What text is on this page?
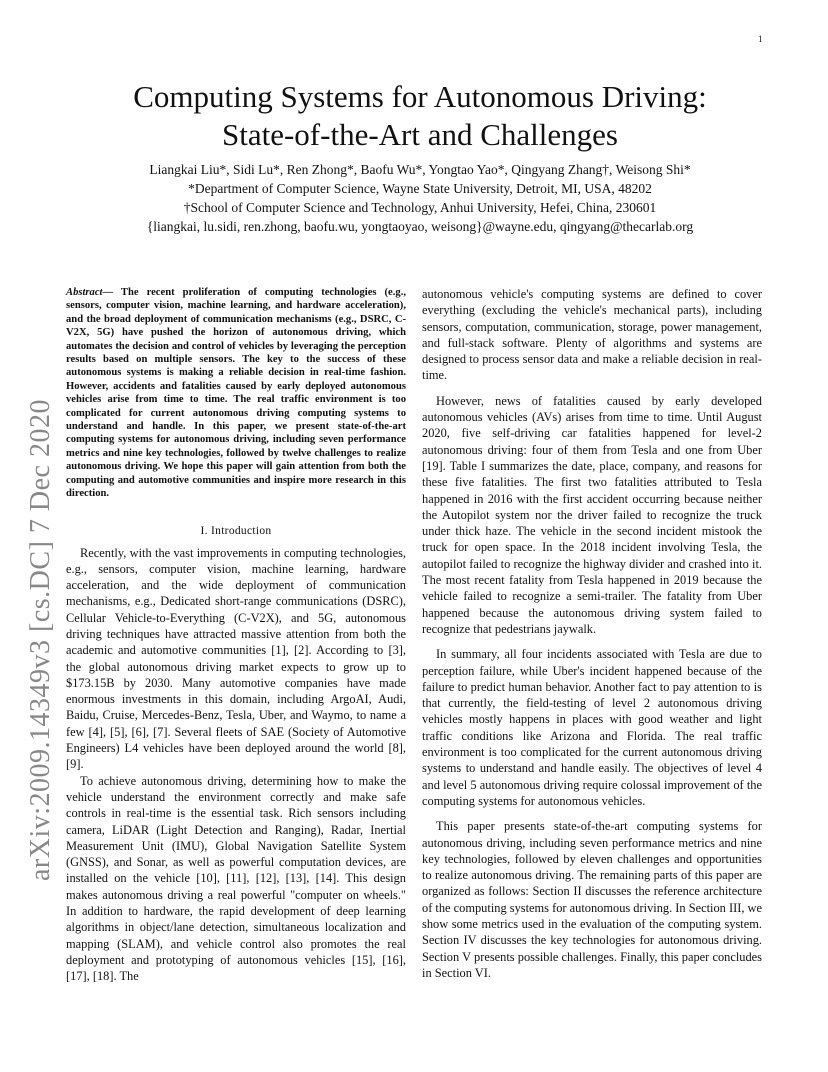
1
arXiv:2009.14349v3 [cs.DC] 7 Dec 2020
Computing Systems for Autonomous Driving:
State-of-the-Art and Challenges
Liangkai Liu*, Sidi Lu*, Ren Zhong*, Baofu Wu*, Yongtao Yao*, Qingyang Zhang†, Weisong Shi*
*Department of Computer Science, Wayne State University, Detroit, MI, USA, 48202
†School of Computer Science and Technology, Anhui University, Hefei, China, 230601
{liangkai, lu.sidi, ren.zhong, baofu.wu, yongtaoyao, weisong}@wayne.edu, qingyang@thecarlab.org
Abstract— The recent proliferation of computing technologies (e.g., sensors, computer vision, machine learning, and hardware acceleration), and the broad deployment of communication mechanisms (e.g., DSRC, C-V2X, 5G) have pushed the horizon of autonomous driving, which automates the decision and control of vehicles by leveraging the perception results based on multiple sensors. The key to the success of these autonomous systems is making a reliable decision in real-time fashion. However, accidents and fatalities caused by early deployed autonomous vehicles arise from time to time. The real traffic environment is too complicated for current autonomous driving computing systems to understand and handle. In this paper, we present state-of-the-art computing systems for autonomous driving, including seven performance metrics and nine key technologies, followed by twelve challenges to realize autonomous driving. We hope this paper will gain attention from both the computing and automotive communities and inspire more research in this direction.
I. Introduction

Recently, with the vast improvements in computing technologies, e.g., sensors, computer vision, machine learning, hardware acceleration, and the wide deployment of communication mechanisms, e.g., Dedicated short-range communications (DSRC), Cellular Vehicle-to-Everything (C-V2X), and 5G, autonomous driving techniques have attracted massive attention from both the academic and automotive communities [1], [2]. According to [3], the global autonomous driving market expects to grow up to $173.15B by 2030. Many automotive companies have made enormous investments in this domain, including ArgoAI, Audi, Baidu, Cruise, Mercedes-Benz, Tesla, Uber, and Waymo, to name a few [4], [5], [6], [7]. Several fleets of SAE (Society of Automotive Engineers) L4 vehicles have been deployed around the world [8], [9].

To achieve autonomous driving, determining how to make the vehicle understand the environment correctly and make safe controls in real-time is the essential task. Rich sensors including camera, LiDAR (Light Detection and Ranging), Radar, Inertial Measurement Unit (IMU), Global Navigation Satellite System (GNSS), and Sonar, as well as powerful computation devices, are installed on the vehicle [10], [11], [12], [13], [14]. This design makes autonomous driving a real powerful "computer on wheels." In addition to hardware, the rapid development of deep learning algorithms in object/lane detection, simultaneous localization and mapping (SLAM), and vehicle control also promotes the real deployment and prototyping of autonomous vehicles [15], [16], [17], [18]. The

autonomous vehicle's computing systems are defined to cover everything (excluding the vehicle's mechanical parts), including sensors, computation, communication, storage, power management, and full-stack software. Plenty of algorithms and systems are designed to process sensor data and make a reliable decision in real-time.

However, news of fatalities caused by early developed autonomous vehicles (AVs) arises from time to time. Until August 2020, five self-driving car fatalities happened for level-2 autonomous driving: four of them from Tesla and one from Uber [19]. Table I summarizes the date, place, company, and reasons for these five fatalities. The first two fatalities attributed to Tesla happened in 2016 with the first accident occurring because neither the Autopilot system nor the driver failed to recognize the truck under thick haze. The vehicle in the second incident mistook the truck for open space. In the 2018 incident involving Tesla, the autopilot failed to recognize the highway divider and crashed into it. The most recent fatality from Tesla happened in 2019 because the vehicle failed to recognize a semi-trailer. The fatality from Uber happened because the autonomous driving system failed to recognize that pedestrians jaywalk.

In summary, all four incidents associated with Tesla are due to perception failure, while Uber's incident happened because of the failure to predict human behavior. Another fact to pay attention to is that currently, the field-testing of level 2 autonomous driving vehicles mostly happens in places with good weather and light traffic conditions like Arizona and Florida. The real traffic environment is too complicated for the current autonomous driving systems to understand and handle easily. The objectives of level 4 and level 5 autonomous driving require colossal improvement of the computing systems for autonomous vehicles.

This paper presents state-of-the-art computing systems for autonomous driving, including seven performance metrics and nine key technologies, followed by eleven challenges and opportunities to realize autonomous driving. The remaining parts of this paper are organized as follows: Section II discusses the reference architecture of the computing systems for autonomous driving. In Section III, we show some metrics used in the evaluation of the computing system. Section IV discusses the key technologies for autonomous driving. Section V presents possible challenges. Finally, this paper concludes in Section VI.
